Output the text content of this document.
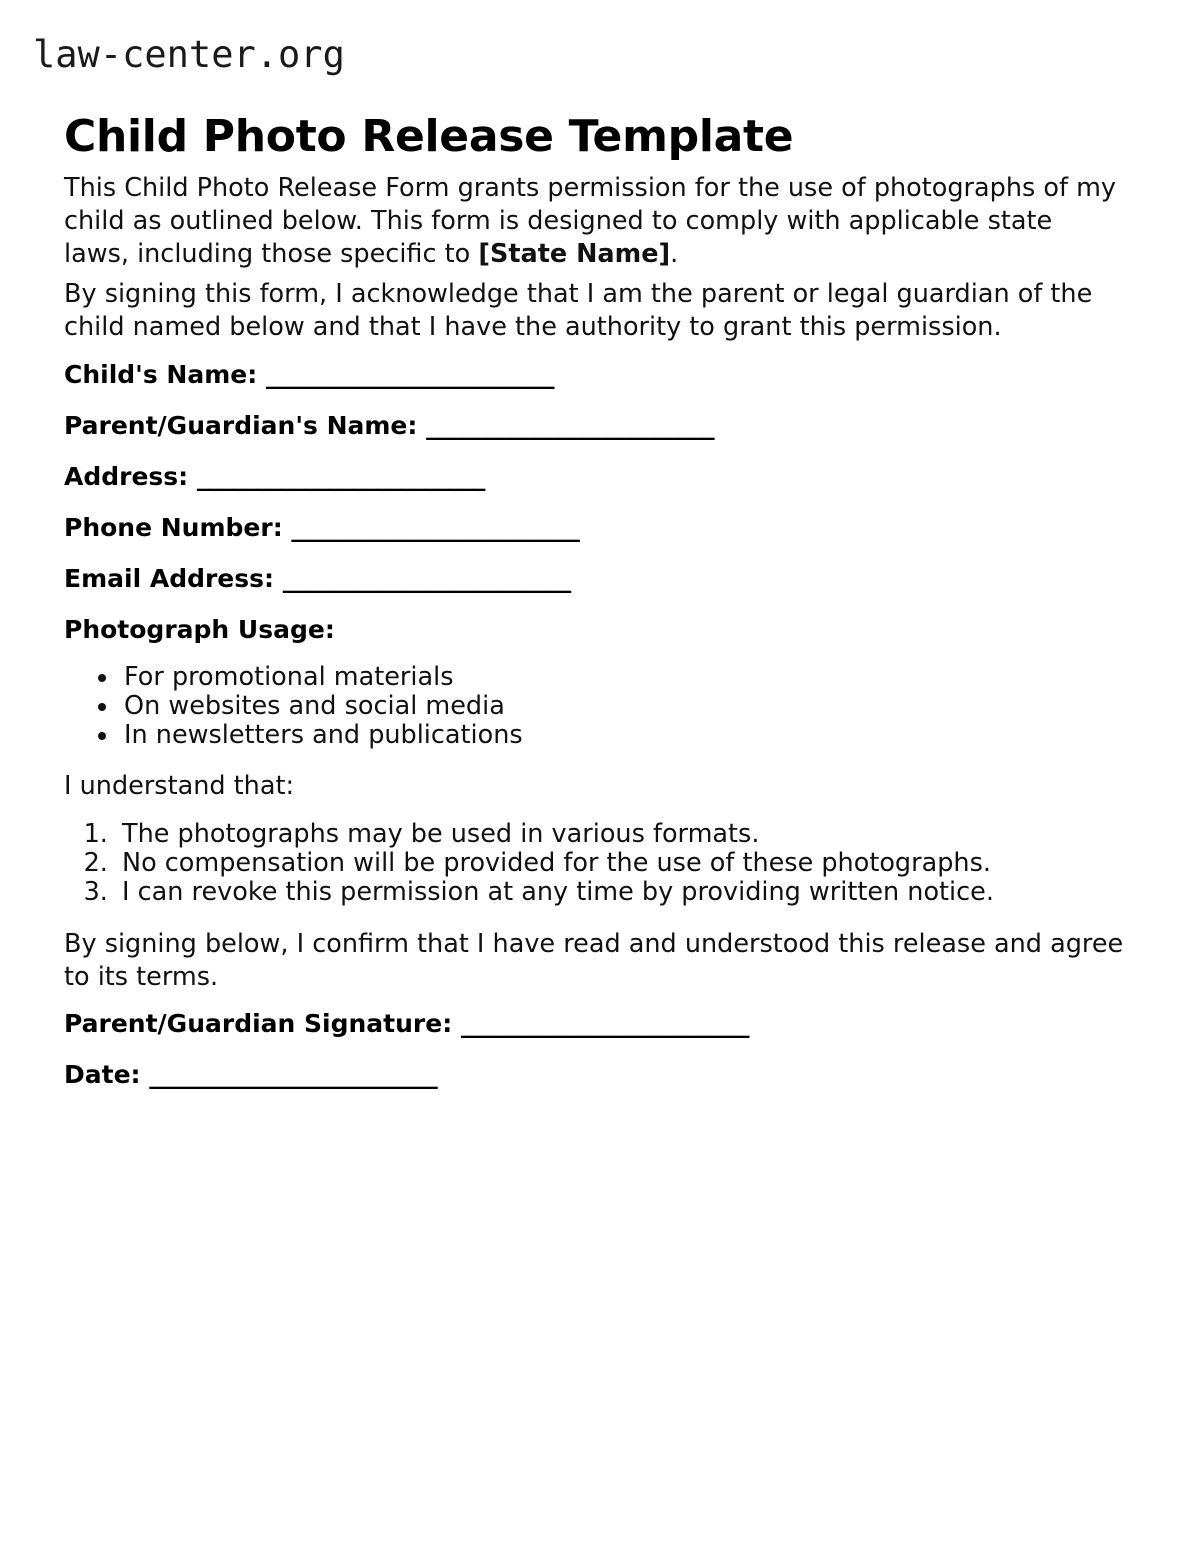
law-center.org
Child Photo Release Template

This Child Photo Release Form grants permission for the use of photographs of my child as outlined below. This form is designed to comply with applicable state laws, including those specific to [State Name].

By signing this form, I acknowledge that I am the parent or legal guardian of the child named below and that I have the authority to grant this permission.

Child's Name: ________________________

Parent/Guardian's Name: ________________________

Address: ________________________

Phone Number: ________________________

Email Address: ________________________

Photograph Usage:

• For promotional materials
• On websites and social media
• In newsletters and publications

I understand that:

1. The photographs may be used in various formats.
2. No compensation will be provided for the use of these photographs.
3. I can revoke this permission at any time by providing written notice.

By signing below, I confirm that I have read and understood this release and agree to its terms.

Parent/Guardian Signature: ________________________

Date: ________________________
